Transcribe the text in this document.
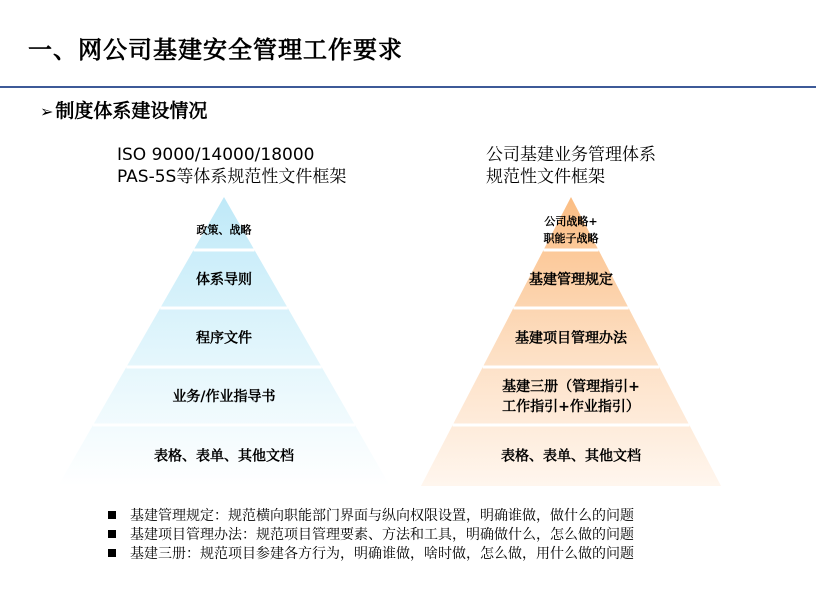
一、网公司基建安全管理工作要求
➢ 制度体系建设情况
ISO 9000/14000/18000
PAS-5S等体系规范性文件框架
公司基建业务管理体系
规范性文件框架
政策、战略
体系导则
程序文件
业务/作业指导书
表格、表单、其他文档
公司战略+
职能子战略
基建管理规定
基建项目管理办法
基建三册（管理指引+
工作指引+作业指引）
表格、表单、其他文档
基建管理规定：规范横向职能部门界面与纵向权限设置，明确谁做，做什么的问题
基建项目管理办法：规范项目管理要素、方法和工具，明确做什么，怎么做的问题
基建三册：规范项目参建各方行为，明确谁做，啥时做，怎么做，用什么做的问题
